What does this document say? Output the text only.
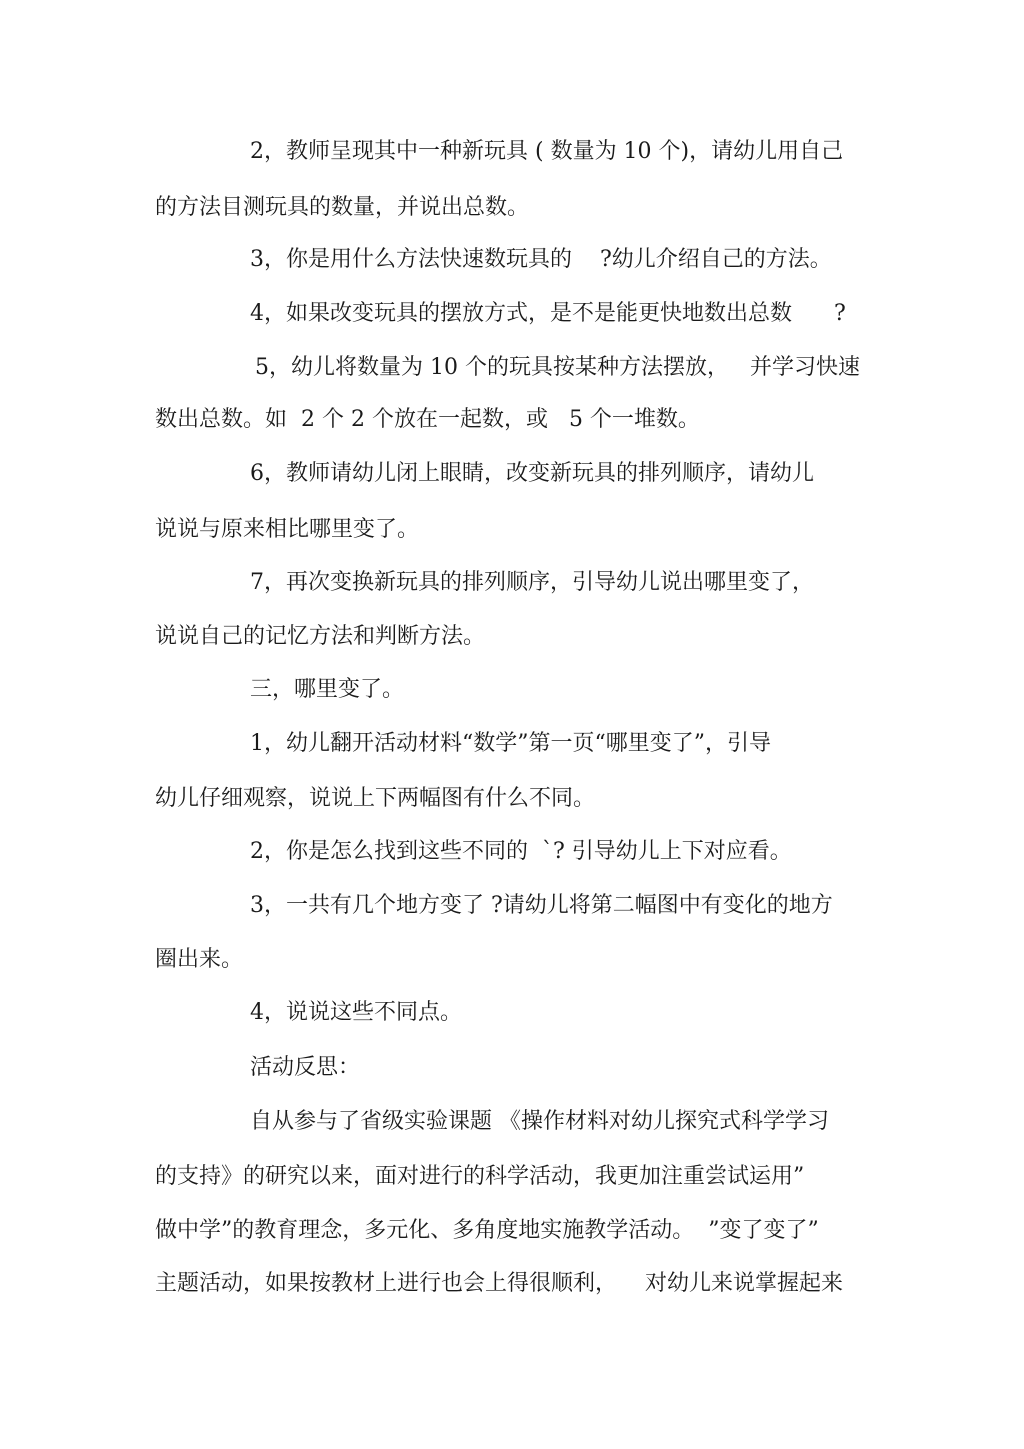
2，教师呈现其中一种新玩具 ( 数量为 10 个)，请幼儿用自己
的方法目测玩具的数量，并说出总数。
3，你是用什么方法快速数玩具的    ?幼儿介绍自己的方法。
4，如果改变玩具的摆放方式，是不是能更快地数出总数      ?
5，幼儿将数量为 10 个的玩具按某种方法摆放，   并学习快速
数出总数。如  2 个 2 个放在一起数，或   5 个一堆数。
6，教师请幼儿闭上眼睛，改变新玩具的排列顺序，请幼儿
说说与原来相比哪里变了。
7，再次变换新玩具的排列顺序，引导幼儿说出哪里变了，
说说自己的记忆方法和判断方法。
三，哪里变了。
1，幼儿翻开活动材料“数学”第一页“哪里变了”，引导
幼儿仔细观察，说说上下两幅图有什么不同。
2，你是怎么找到这些不同的  `? 引导幼儿上下对应看。
3，一共有几个地方变了 ?请幼儿将第二幅图中有变化的地方
圈出来。
4，说说这些不同点。
活动反思：
自从参与了省级实验课题 《操作材料对幼儿探究式科学学习
的支持》的研究以来，面对进行的科学活动，我更加注重尝试运用”
做中学”的教育理念，多元化、多角度地实施教学活动。  ”变了变了”
主题活动，如果按教材上进行也会上得很顺利，    对幼儿来说掌握起来
